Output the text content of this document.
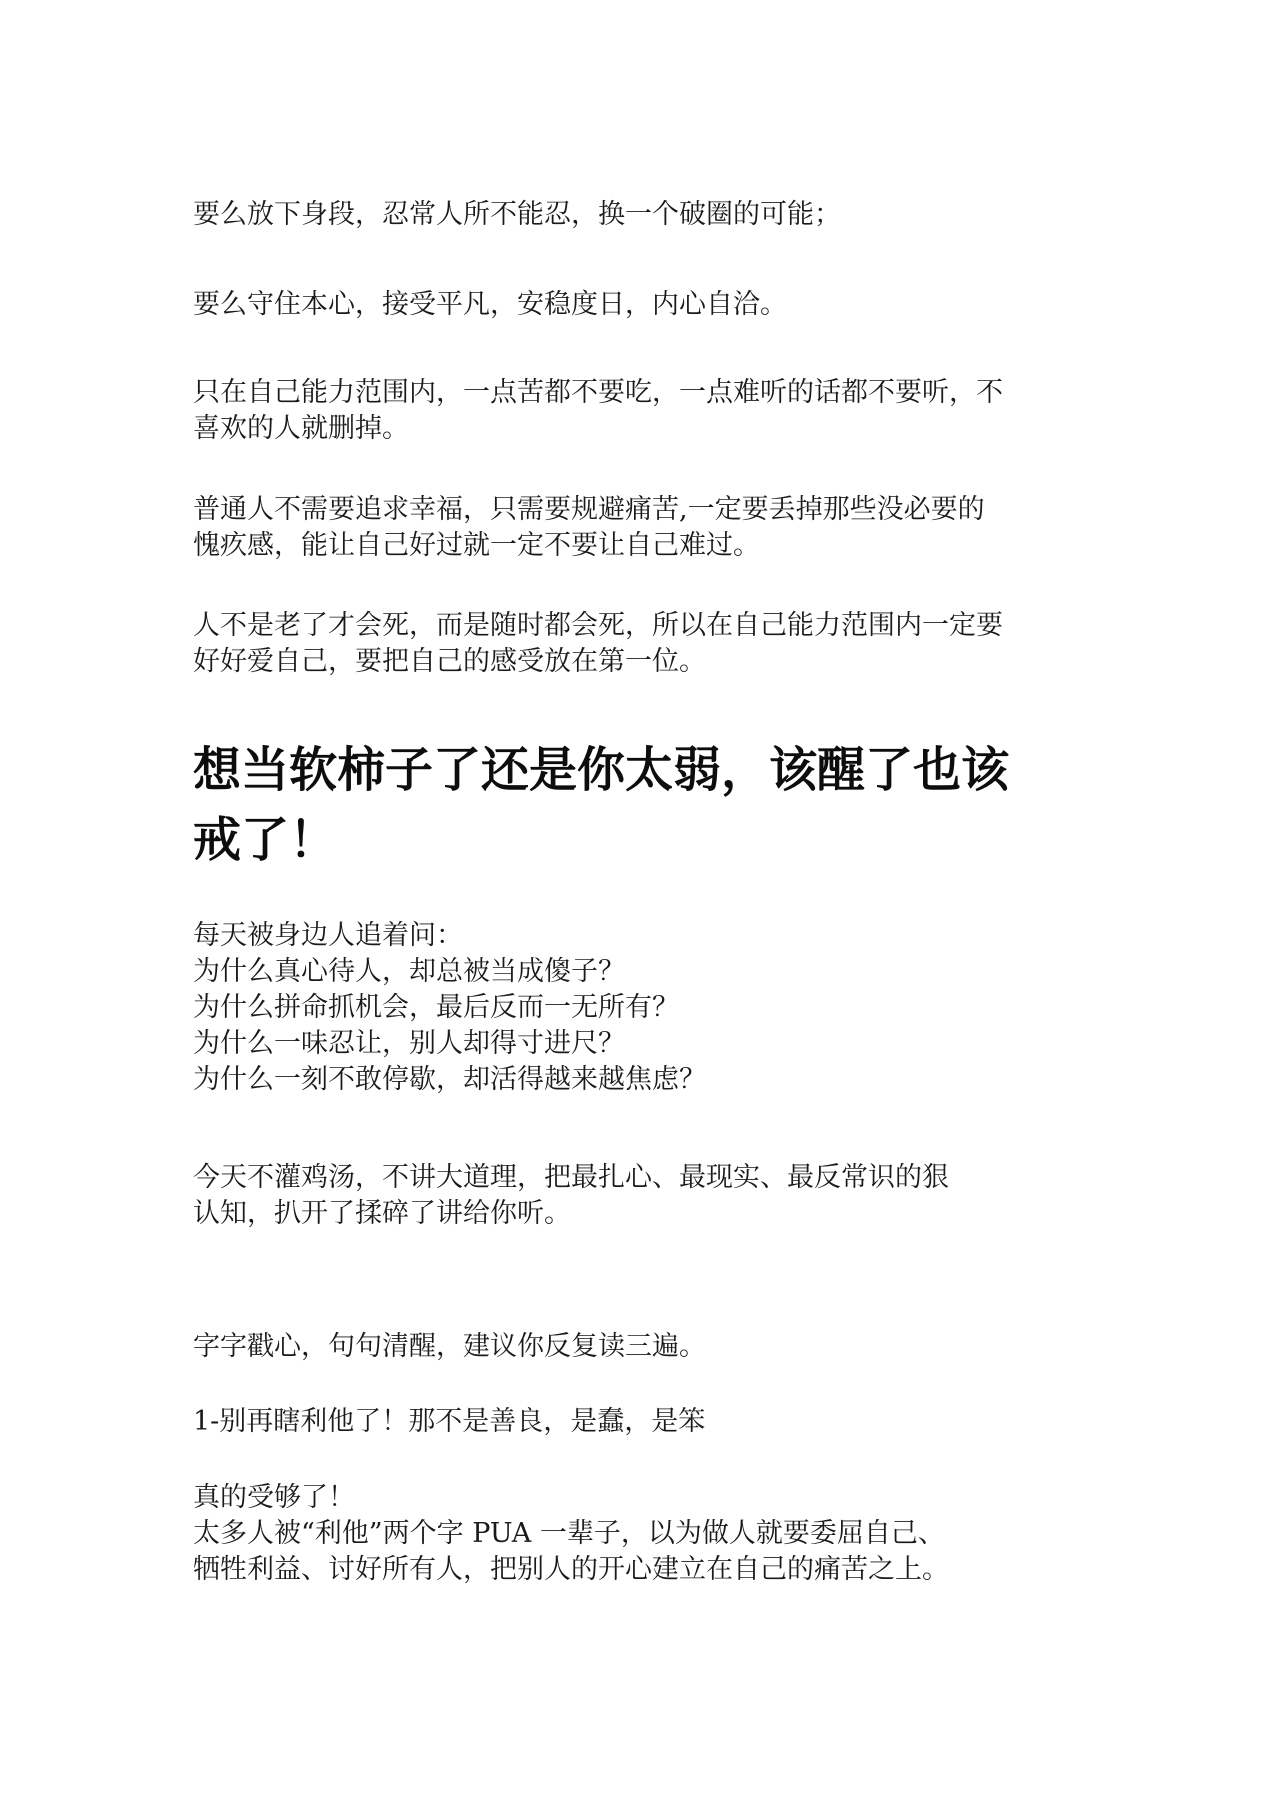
要么放下身段，忍常人所不能忍，换一个破圈的可能；

要么守住本心，接受平凡，安稳度日，内心自洽。

只在自己能力范围内，一点苦都不要吃，一点难听的话都不要听，不
喜欢的人就删掉。

普通人不需要追求幸福，只需要规避痛苦,一定要丢掉那些没必要的
愧疚感，能让自己好过就一定不要让自己难过。

人不是老了才会死，而是随时都会死，所以在自己能力范围内一定要
好好爱自己，要把自己的感受放在第一位。

想当软柿子了还是你太弱，该醒了也该
戒了！

每天被身边人追着问：
为什么真心待人，却总被当成傻子？
为什么拼命抓机会，最后反而一无所有？
为什么一味忍让，别人却得寸进尺？
为什么一刻不敢停歇，却活得越来越焦虑？

今天不灌鸡汤，不讲大道理，把最扎心、最现实、最反常识的狠
认知，扒开了揉碎了讲给你听。

字字戳心，句句清醒，建议你反复读三遍。

1-别再瞎利他了！那不是善良，是蠢，是笨

真的受够了！
太多人被“利他”两个字 PUA 一辈子，以为做人就要委屈自己、
牺牲利益、讨好所有人，把别人的开心建立在自己的痛苦之上。
